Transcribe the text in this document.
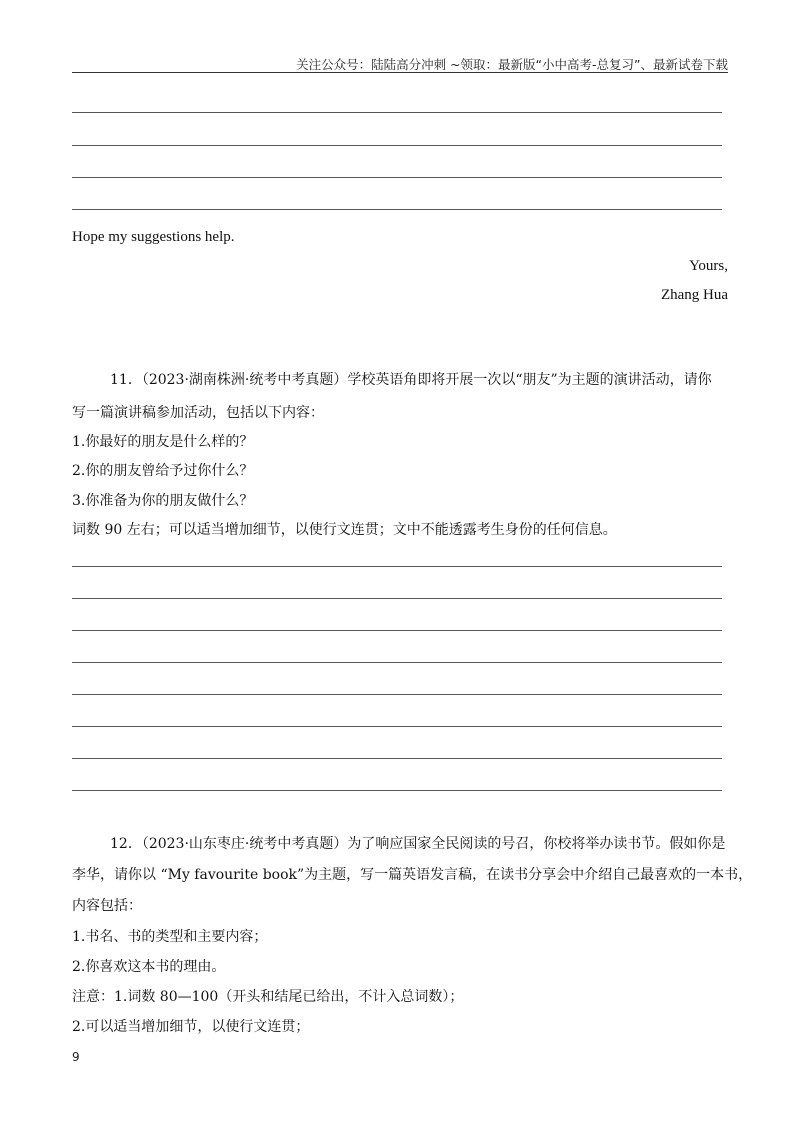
关注公众号：陆陆高分冲刺 ~领取：最新版“小中高考-总复习”、最新试卷下载
Hope my suggestions help.
Yours,
Zhang Hua
11．（2023·湖南株洲·统考中考真题）学校英语角即将开展一次以“朋友”为主题的演讲活动，请你
写一篇演讲稿参加活动，包括以下内容：
1.你最好的朋友是什么样的？
2.你的朋友曾给予过你什么？
3.你准备为你的朋友做什么？
词数 90 左右；可以适当增加细节，以使行文连贯；文中不能透露考生身份的任何信息。
12．（2023·山东枣庄·统考中考真题）为了响应国家全民阅读的号召，你校将举办读书节。假如你是
李华，请你以 “My favourite book”为主题，写一篇英语发言稿，在读书分享会中介绍自己最喜欢的一本书，
内容包括：
1.书名、书的类型和主要内容；
2.你喜欢这本书的理由。
注意：1.词数 80—100（开头和结尾已给出，不计入总词数）；
2.可以适当增加细节，以使行文连贯；
9
